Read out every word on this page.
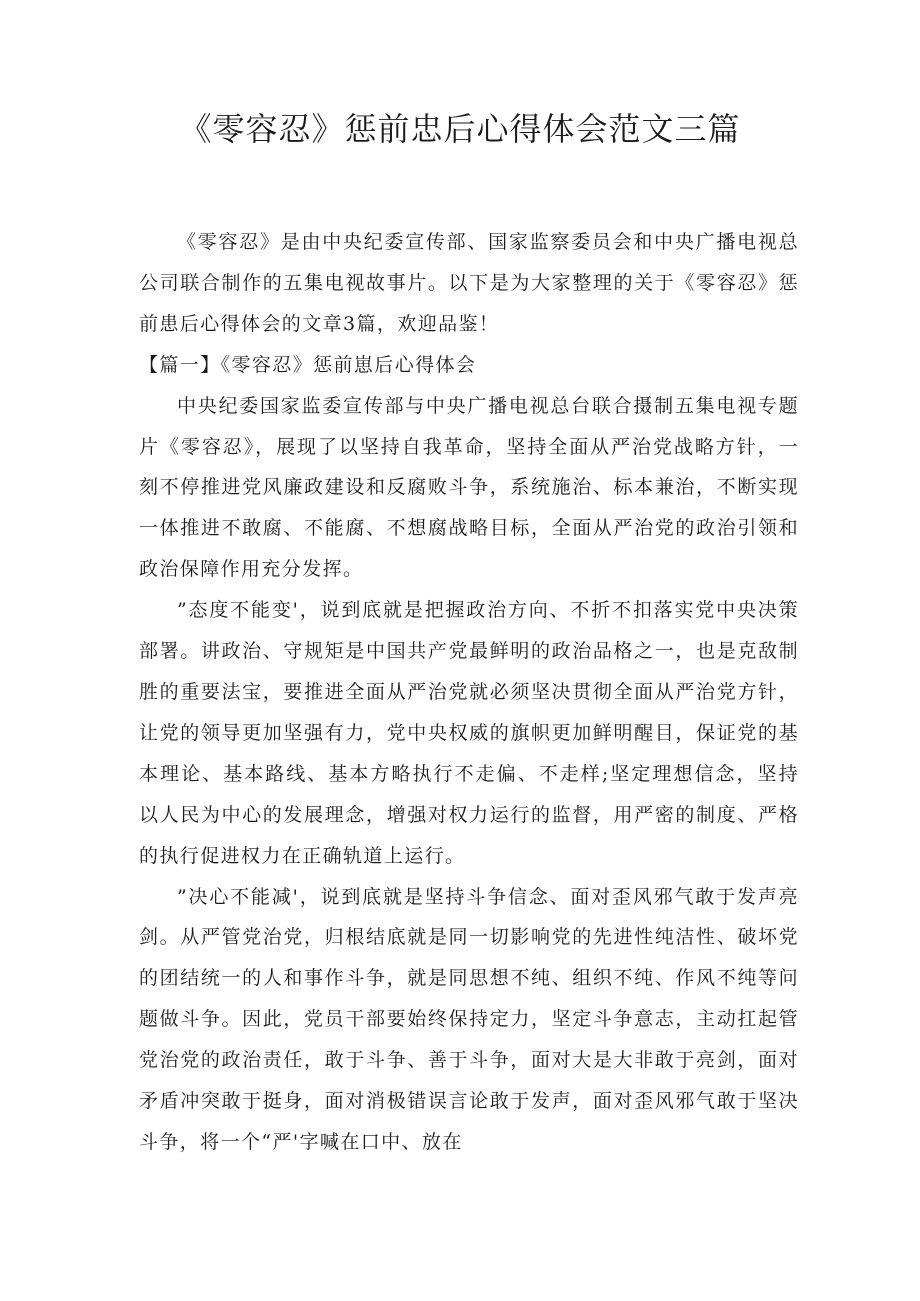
《零容忍》惩前忠后心得体会范文三篇

《零容忍》是由中央纪委宣传部、国家监察委员会和中央广播电视总公司联合制作的五集电视故事片。以下是为大家整理的关于《零容忍》惩前患后心得体会的文章3篇，欢迎品鉴！

【篇一】《零容忍》惩前崽后心得体会

中央纪委国家监委宣传部与中央广播电视总台联合摄制五集电视专题片《零容忍》，展现了以坚持自我革命，坚持全面从严治党战略方针，一刻不停推进党风廉政建设和反腐败斗争，系统施治、标本兼治，不断实现一体推进不敢腐、不能腐、不想腐战略目标，全面从严治党的政治引领和政治保障作用充分发挥。

”态度不能变'，说到底就是把握政治方向、不折不扣落实党中央决策部署。讲政治、守规矩是中国共产党最鲜明的政治品格之一，也是克敌制胜的重要法宝，要推进全面从严治党就必须坚决贯彻全面从严治党方针，让党的领导更加坚强有力，党中央权威的旗帜更加鲜明醒目，保证党的基本理论、基本路线、基本方略执行不走偏、不走样;坚定理想信念，坚持以人民为中心的发展理念，增强对权力运行的监督，用严密的制度、严格的执行促进权力在正确轨道上运行。

”决心不能减'，说到底就是坚持斗争信念、面对歪风邪气敢于发声亮剑。从严管党治党，归根结底就是同一切影响党的先进性纯洁性、破坏党的团结统一的人和事作斗争，就是同思想不纯、组织不纯、作风不纯等问题做斗争。因此，党员干部要始终保持定力，坚定斗争意志，主动扛起管党治党的政治责任，敢于斗争、善于斗争，面对大是大非敢于亮剑，面对矛盾冲突敢于挺身，面对消极错误言论敢于发声，面对歪风邪气敢于坚决斗争，将一个“严'字喊在口中、放在
